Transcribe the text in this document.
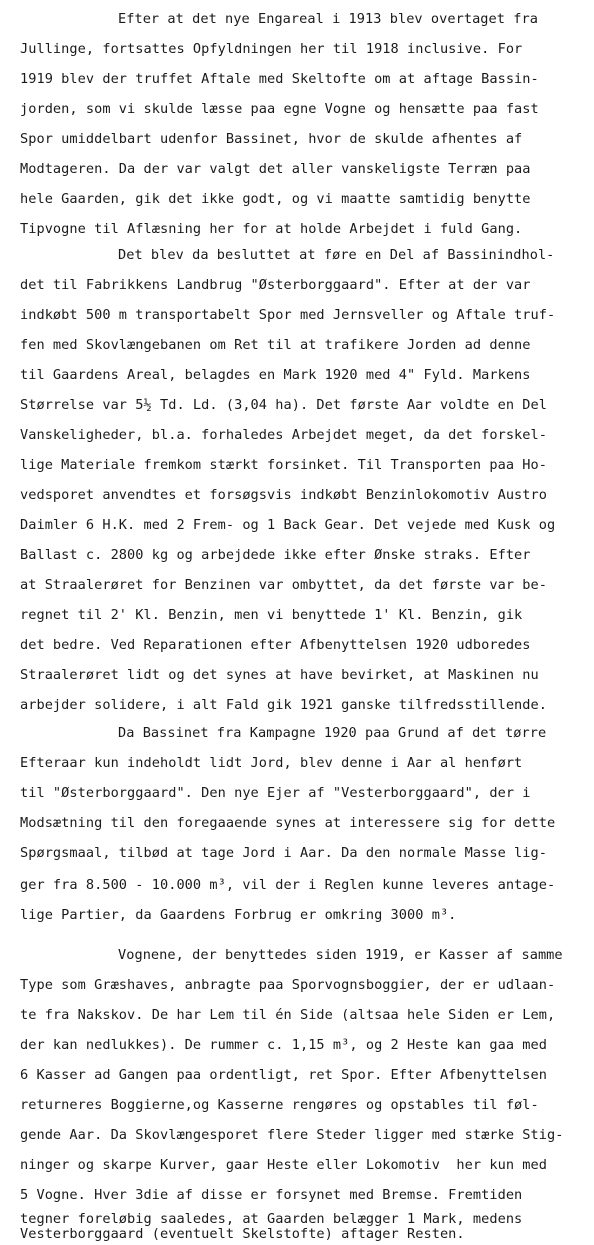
Efter at det nye Engareal i 1913 blev overtaget fra
Jullinge, fortsattes Opfyldningen her til 1918 inclusive. For
1919 blev der truffet Aftale med Skeltofte om at aftage Bassin-
jorden, som vi skulde læsse paa egne Vogne og hensætte paa fast
Spor umiddelbart udenfor Bassinet, hvor de skulde afhentes af
Modtageren. Da der var valgt det aller vanskeligste Terræn paa
hele Gaarden, gik det ikke godt, og vi maatte samtidig benytte
Tipvogne til Aflæsning her for at holde Arbejdet i fuld Gang.
Det blev da besluttet at føre en Del af Bassinindhol-
det til Fabrikkens Landbrug "Østerborggaard". Efter at der var
indkøbt 500 m transportabelt Spor med Jernsveller og Aftale truf-
fen med Skovlængebanen om Ret til at trafikere Jorden ad denne
til Gaardens Areal, belagdes en Mark 1920 med 4" Fyld. Markens
Størrelse var 5½ Td. Ld. (3,04 ha). Det første Aar voldte en Del
Vanskeligheder, bl.a. forhaledes Arbejdet meget, da det forskel-
lige Materiale fremkom stærkt forsinket. Til Transporten paa Ho-
vedsporet anvendtes et forsøgsvis indkøbt Benzinlokomotiv Austro
Daimler 6 H.K. med 2 Frem- og 1 Back Gear. Det vejede med Kusk og
Ballast c. 2800 kg og arbejdede ikke efter Ønske straks. Efter
at Straalerøret for Benzinen var ombyttet, da det første var be-
regnet til 2' Kl. Benzin, men vi benyttede 1' Kl. Benzin, gik
det bedre. Ved Reparationen efter Afbenyttelsen 1920 udboredes
Straalerøret lidt og det synes at have bevirket, at Maskinen nu
arbejder solidere, i alt Fald gik 1921 ganske tilfredsstillende.
Da Bassinet fra Kampagne 1920 paa Grund af det tørre
Efteraar kun indeholdt lidt Jord, blev denne i Aar al henført
til "Østerborggaard". Den nye Ejer af "Vesterborggaard", der i
Modsætning til den foregaaende synes at interessere sig for dette
Spørgsmaal, tilbød at tage Jord i Aar. Da den normale Masse lig-
ger fra 8.500 - 10.000 m³, vil der i Reglen kunne leveres antage-
lige Partier, da Gaardens Forbrug er omkring 3000 m³.
Vognene, der benyttedes siden 1919, er Kasser af samme
Type som Græshaves, anbragte paa Sporvognsboggier, der er udlaan-
te fra Nakskov. De har Lem til én Side (altsaa hele Siden er Lem,
der kan nedlukkes). De rummer c. 1,15 m³, og 2 Heste kan gaa med
6 Kasser ad Gangen paa ordentligt, ret Spor. Efter Afbenyttelsen
returneres Boggierne,og Kasserne rengøres og opstables til føl-
gende Aar. Da Skovlængesporet flere Steder ligger med stærke Stig-
ninger og skarpe Kurver, gaar Heste eller Lokomotiv  her kun med
5 Vogne. Hver 3die af disse er forsynet med Bremse. Fremtiden
tegner foreløbig saaledes, at Gaarden belægger 1 Mark, medens
Vesterborggaard (eventuelt Skelstofte) aftager Resten.
